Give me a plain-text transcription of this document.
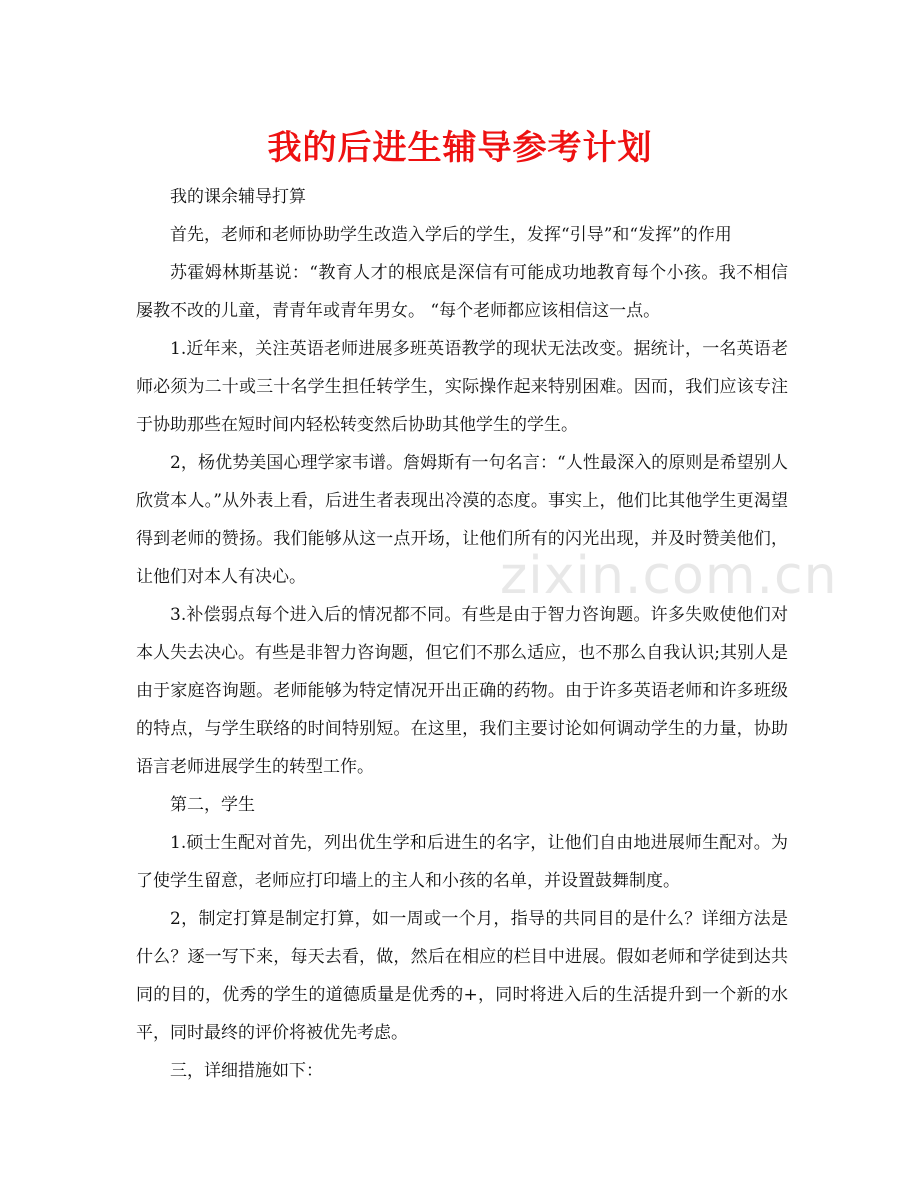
我的后进生辅导参考计划

我的课余辅导打算

首先，老师和老师协助学生改造入学后的学生，发挥“引导”和“发挥”的作用

苏霍姆林斯基说：“教育人才的根底是深信有可能成功地教育每个小孩。我不相信屡教不改的儿童，青青年或青年男女。 “每个老师都应该相信这一点。

1.近年来，关注英语老师进展多班英语教学的现状无法改变。据统计，一名英语老师必须为二十或三十名学生担任转学生，实际操作起来特别困难。因而，我们应该专注于协助那些在短时间内轻松转变然后协助其他学生的学生。

2，杨优势美国心理学家韦谱。詹姆斯有一句名言：“人性最深入的原则是希望别人欣赏本人。”从外表上看，后进生者表现出冷漠的态度。事实上，他们比其他学生更渴望得到老师的赞扬。我们能够从这一点开场，让他们所有的闪光出现，并及时赞美他们，让他们对本人有决心。

3.补偿弱点每个进入后的情况都不同。有些是由于智力咨询题。许多失败使他们对本人失去决心。有些是非智力咨询题，但它们不那么适应，也不那么自我认识;其别人是由于家庭咨询题。老师能够为特定情况开出正确的药物。由于许多英语老师和许多班级的特点，与学生联络的时间特别短。在这里，我们主要讨论如何调动学生的力量，协助语言老师进展学生的转型工作。

第二，学生

1.硕士生配对首先，列出优生学和后进生的名字，让他们自由地进展师生配对。为了使学生留意，老师应打印墙上的主人和小孩的名单，并设置鼓舞制度。

2，制定打算是制定打算，如一周或一个月，指导的共同目的是什么？详细方法是什么？逐一写下来，每天去看，做，然后在相应的栏目中进展。假如老师和学徒到达共同的目的，优秀的学生的道德质量是优秀的+，同时将进入后的生活提升到一个新的水平，同时最终的评价将被优先考虑。

三，详细措施如下：

zixin.com.cn
